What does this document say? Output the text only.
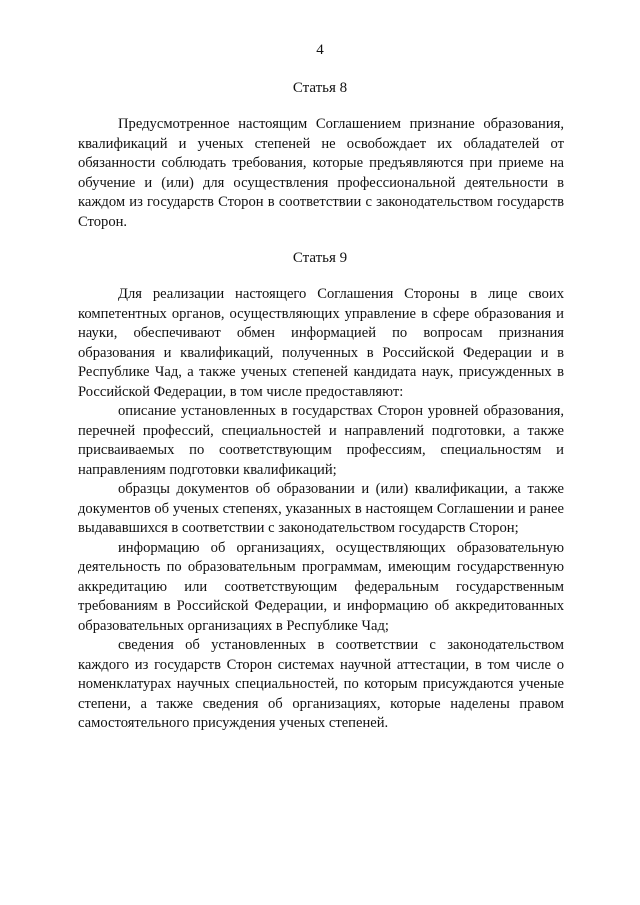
4
Статья 8

Предусмотренное настоящим Соглашением признание образования, квалификаций и ученых степеней не освобождает их обладателей от обязанности соблюдать требования, которые предъявляются при приеме на обучение и (или) для осуществления профессиональной деятельности в каждом из государств Сторон в соответствии с законодательством государств Сторон.

Статья 9

Для реализации настоящего Соглашения Стороны в лице своих компетентных органов, осуществляющих управление в сфере образования и науки, обеспечивают обмен информацией по вопросам признания образования и квалификаций, полученных в Российской Федерации и в Республике Чад, а также ученых степеней кандидата наук, присужденных в Российской Федерации, в том числе предоставляют:

описание установленных в государствах Сторон уровней образования, перечней профессий, специальностей и направлений подготовки, а также присваиваемых по соответствующим профессиям, специальностям и направлениям подготовки квалификаций;

образцы документов об образовании и (или) квалификации, а также документов об ученых степенях, указанных в настоящем Соглашении и ранее выдававшихся в соответствии с законодательством государств Сторон;

информацию об организациях, осуществляющих образовательную деятельность по образовательным программам, имеющим государственную аккредитацию или соответствующим федеральным государственным требованиям в Российской Федерации, и информацию об аккредитованных образовательных организациях в Республике Чад;

сведения об установленных в соответствии с законодательством каждого из государств Сторон системах научной аттестации, в том числе о номенклатурах научных специальностей, по которым присуждаются ученые степени, а также сведения об организациях, которые наделены правом самостоятельного присуждения ученых степеней.
